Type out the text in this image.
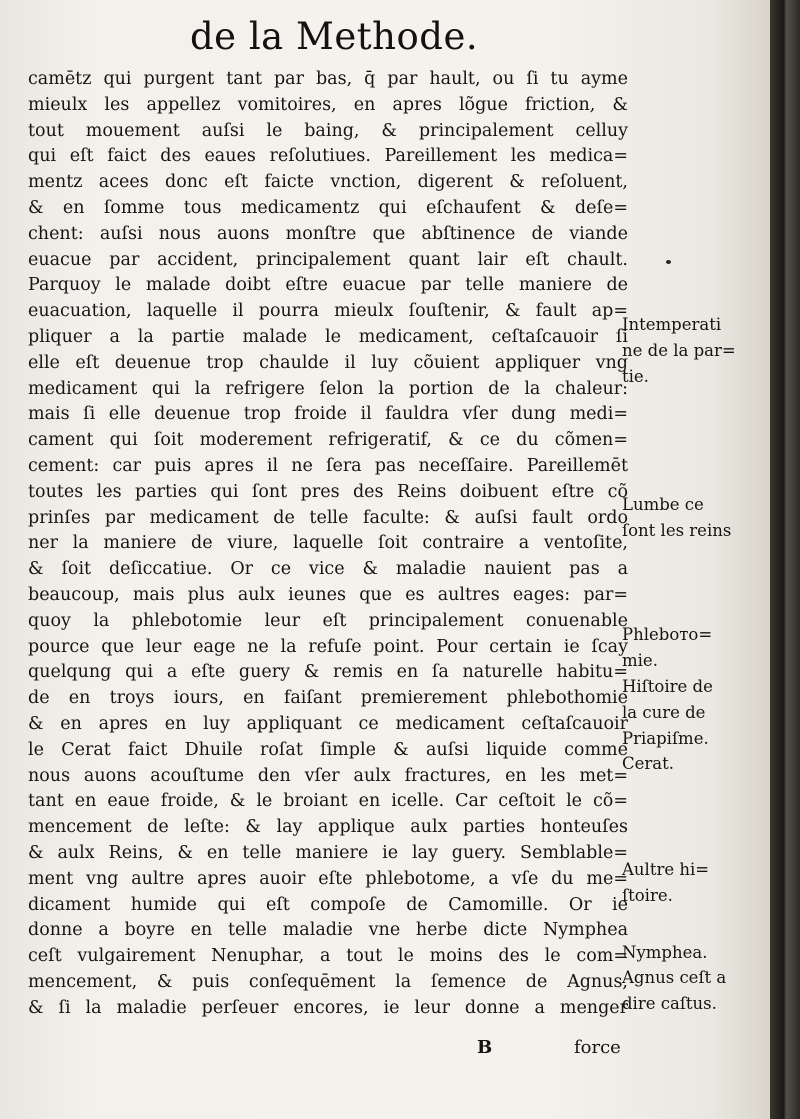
de la Methode.
camētz qui purgent tant par bas, q̄ par hault, ou ſi tu ayme
mieulx les appellez vomitoires, en apres lõgue friction, &
tout mouement auſsi le baing, & principalement celluy
qui eſt faict des eaues reſolutiues. Pareillement les medica=
mentz acees donc eſt faicte vnction, digerent & reſoluent,
& en ſomme tous medicamentz qui eſchaufent & deſe=
chent: auſsi nous auons monſtre que abſtinence de viande
euacue par accident, principalement quant lair eſt chault.
Parquoy le malade doibt eſtre euacue par telle maniere de
euacuation, laquelle il pourra mieulx ſouſtenir, & fault ap=
pliquer a la partie malade le medicament, ceſtaſcauoir ſi
elle eſt deuenue trop chaulde il luy cõuient appliquer vng
medicament qui la refrigere ſelon la portion de la chaleur:
mais ſi elle deuenue trop froide il fauldra vſer dung medi=
cament qui ſoit moderement refrigeratif, & ce du cõmen=
cement: car puis apres il ne ſera pas neceſſaire. Pareillemēt
toutes les parties qui ſont pres des Reins doibuent eſtre cõ
prinſes par medicament de telle faculte: & auſsi fault ordo
ner la maniere de viure, laquelle ſoit contraire a ventoſite,
& ſoit deſiccatiue. Or ce vice & maladie nauient pas a
beaucoup, mais plus aulx ieunes que es aultres eages: par=
quoy la phlebotomie leur eſt principalement conuenable
pource que leur eage ne la refuſe point. Pour certain ie ſcay
quelqung qui a eſte guery & remis en ſa naturelle habitu=
de en troys iours, en faiſant premierement phlebothomie
& en apres en luy appliquant ce medicament ceſtaſcauoir
le Cerat faict Dhuile roſat ſimple & auſsi liquide comme
nous auons acouſtume den vſer aulx fractures, en les met=
tant en eaue froide, & le broiant en icelle. Car ceſtoit le cõ=
mencement de leſte: & lay applique aulx parties honteuſes
& aulx Reins, & en telle maniere ie lay guery. Semblable=
ment vng aultre apres auoir eſte phlebotome, a vſe du me=
dicament humide qui eſt compoſe de Camomille. Or ie
donne a boyre en telle maladie vne herbe dicte Nymphea
ceſt vulgairement Nenuphar, a tout le moins des le com=
mencement, & puis conſequēment la ſemence de Agnus,
& ſi la maladie perſeuer encores, ie leur donne a menger
Intemperati
ne de la par=
tie.
Lumbe ce
ſont les reins
Phlebото=
mie.
Hiſtoire de
la cure de
Priapiſme.
Cerat.
Aultre hi=
ſtoire.
Nymphea.
Agnus ceſt a
dire caſtus.
B	force
